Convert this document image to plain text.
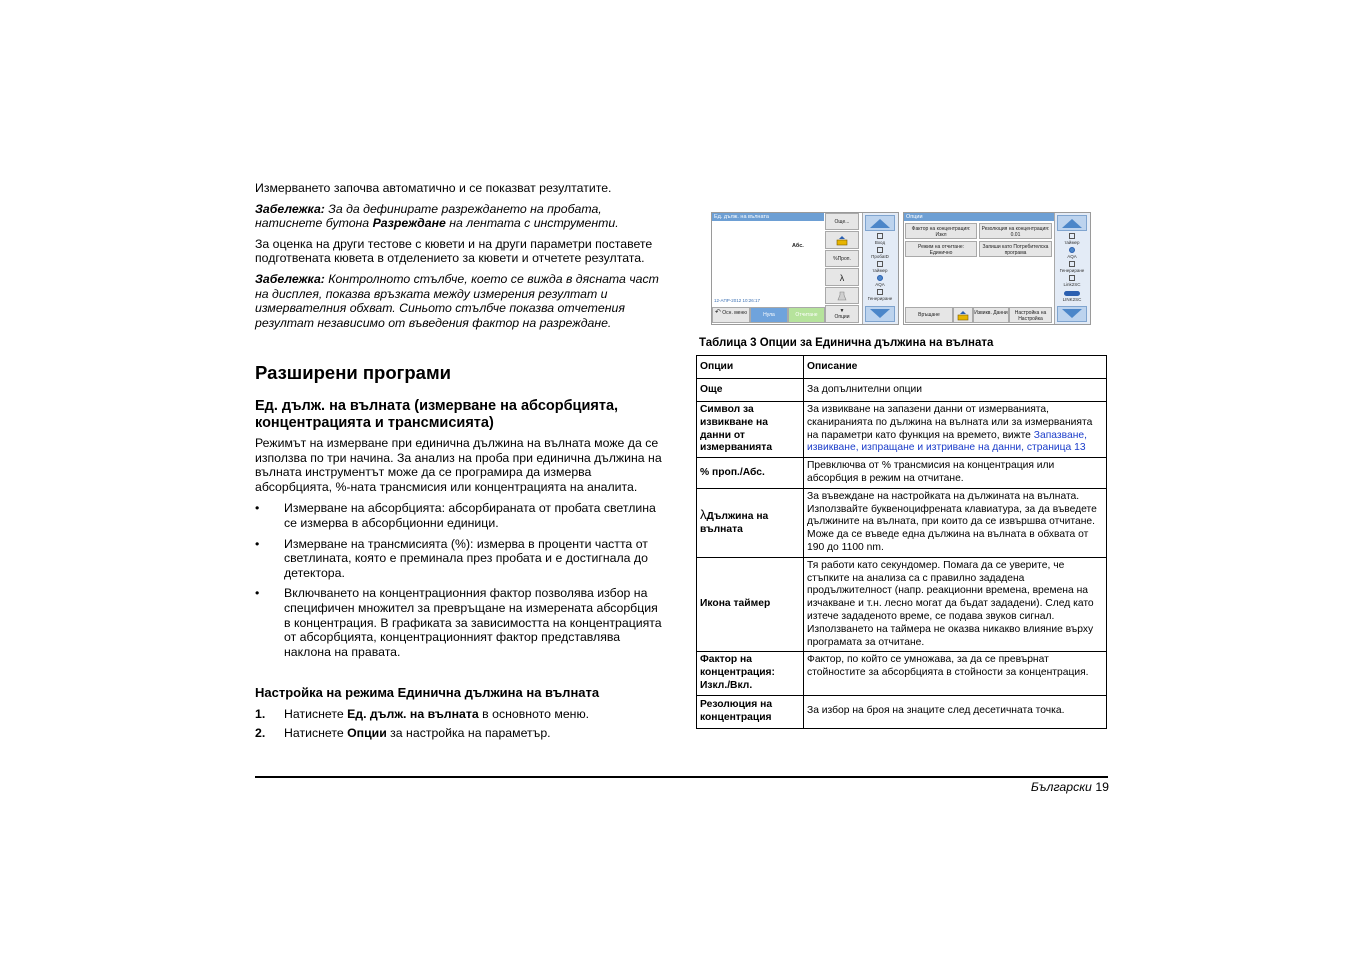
Измерването започва автоматично и се показват резултатите.

Забележка: За да дефинирате разреждането на пробата, натиснете бутона Разреждане на лентата с инструменти.

За оценка на други тестове с кювети и на други параметри поставете подготвената кювета в отделението за кювети и отчетете резултата.

Забележка: Контролното стълбче, което се вижда в дясната част на дисплея, показва връзката между измерения резултат и измервателния обхват. Синьото стълбче показва отчетения резултат независимо от въведения фактор на разреждане.

Разширени програми
Ед. дълж. на вълната (измерване на абсорбцията, концентрацията и трансмисията)

Режимът на измерване при единична дължина на вълната може да се използва по три начина. За анализ на проба при единична дължина на вълната инструментът може да се програмира да измерва абсорбцията, %-ната трансмисия или концентрацията на аналита.

• Измерване на абсорбцията: абсорбираната от пробата светлина се измерва в абсорбционни единици.
• Измерване на трансмисията (%): измерва в проценти частта от светлината, която е преминала през пробата и е достигнала до детектора.
• Включването на концентрационния фактор позволява избор на специфичен множител за превръщане на измерената абсорбция в концентрация. В графиката за зависимостта на концентрацията от абсорбцията, концентрационният фактор представлява наклона на правата.
Настройка на режима Единична дължина на вълната
1. Натиснете Ед. дълж. на вълната в основното меню.
2. Натиснете Опции за настройка на параметър.
Ед. дълж. на вълната
Абс.
12-АПР-2012 10:26:17
Още...
%Проп.
λ
▼
Опции
↶ Осн. меню	Нула	Отчитане
Вход
ПробаID
таймер
AQA
Генериране
Опции
Фактор на концентрация: Изкл
Резолюция на концентрация: 0.01
Режим на отчитане: Единично
Запиши като Потребителска програма
Връщане	Извикв. Данни	Настройка на Настройка
таймер
AQA
Генериране
Link2SC
LINK2SC
Таблица 3 Опции за Единична дължина на вълната
Опции	Описание
Още	За допълнителни опции
Символ за извикване на данни от измерванията	За извикване на запазени данни от измерванията, сканиранията по дължина на вълната или за измерванията на параметри като функция на времето, вижте Запазване, извикване, изпращане и изтриване на данни, страница 13
% проп./Абс.	Превключва от % трансмисия на концентрация или абсорбция в режим на отчитане.
λДължина на вълната	За въвеждане на настройката на дължината на вълната. Използвайте буквеноцифрената клавиатура, за да въведете дължините на вълната, при които да се извършва отчитане. Може да се въведе една дължина на вълната в обхвата от 190 до 1100 nm.
Икона таймер	Тя работи като секундомер. Помага да се уверите, че стъпките на анализа са с правилно зададена продължителност (напр. реакционни времена, времена на изчакване и т.н. лесно могат да бъдат зададени). След като изтече зададеното време, се подава звуков сигнал. Използването на таймера не оказва никакво влияние върху програмата за отчитане.
Фактор на концентрация: Изкл./Вкл.	Фактор, по който се умножава, за да се превърнат стойностите за абсорбцията в стойности за концентрация.
Резолюция на концентрация	За избор на броя на знаците след десетичната точка.
Български 19
